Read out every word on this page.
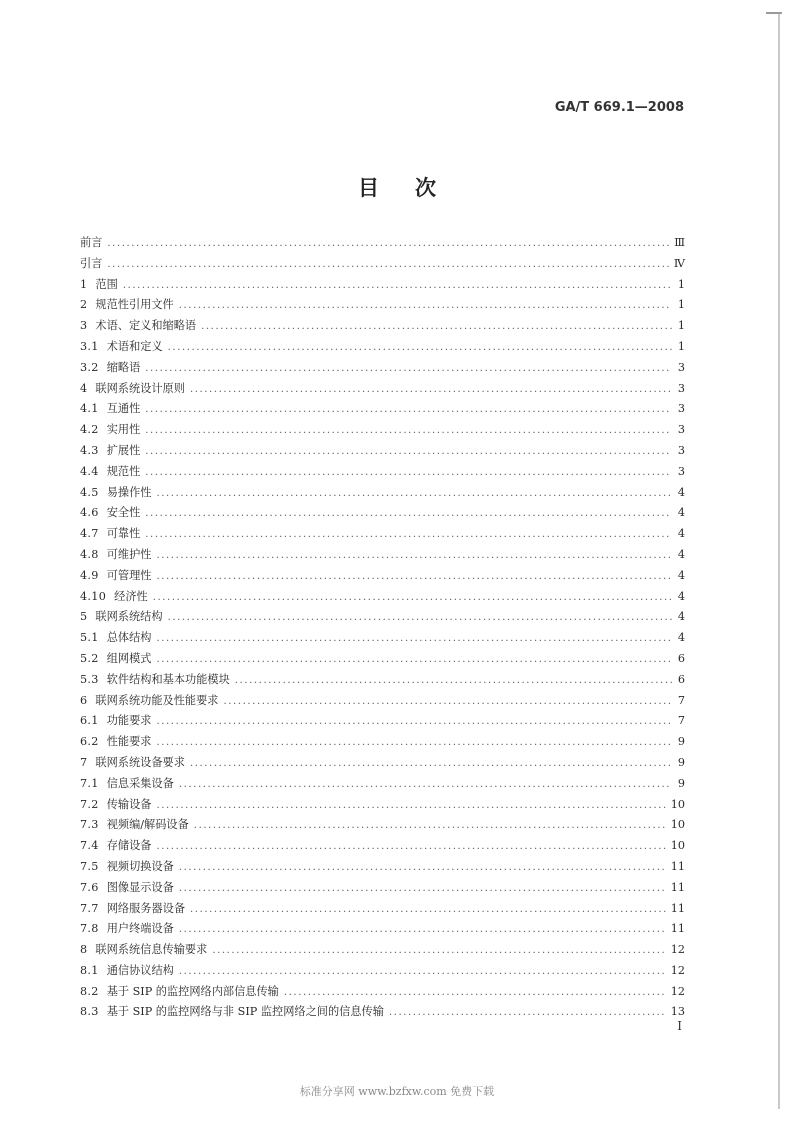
GA/T 669.1—2008
目 次
前言 .....	Ⅲ
引言 .....	Ⅳ
1 范围 .....	1
2 规范性引用文件 .....	1
3 术语、定义和缩略语 .....	1
3.1 术语和定义 .....	1
3.2 缩略语 .....	3
4 联网系统设计原则 .....	3
4.1 互通性 .....	3
4.2 实用性 .....	3
4.3 扩展性 .....	3
4.4 规范性 .....	3
4.5 易操作性 .....	4
4.6 安全性 .....	4
4.7 可靠性 .....	4
4.8 可维护性 .....	4
4.9 可管理性 .....	4
4.10 经济性 .....	4
5 联网系统结构 .....	4
5.1 总体结构 .....	4
5.2 组网模式 .....	6
5.3 软件结构和基本功能模块 .....	6
6 联网系统功能及性能要求 .....	7
6.1 功能要求 .....	7
6.2 性能要求 .....	9
7 联网系统设备要求 .....	9
7.1 信息采集设备 .....	9
7.2 传输设备 .....	10
7.3 视频编/解码设备 .....	10
7.4 存储设备 .....	10
7.5 视频切换设备 .....	11
7.6 图像显示设备 .....	11
7.7 网络服务器设备 .....	11
7.8 用户终端设备 .....	11
8 联网系统信息传输要求 .....	12
8.1 通信协议结构 .....	12
8.2 基于 SIP 的监控网络内部信息传输 .....	12
8.3 基于 SIP 的监控网络与非 SIP 监控网络之间的信息传输 .....	13
I
标准分享网 www.bzfxw.com 免费下载
